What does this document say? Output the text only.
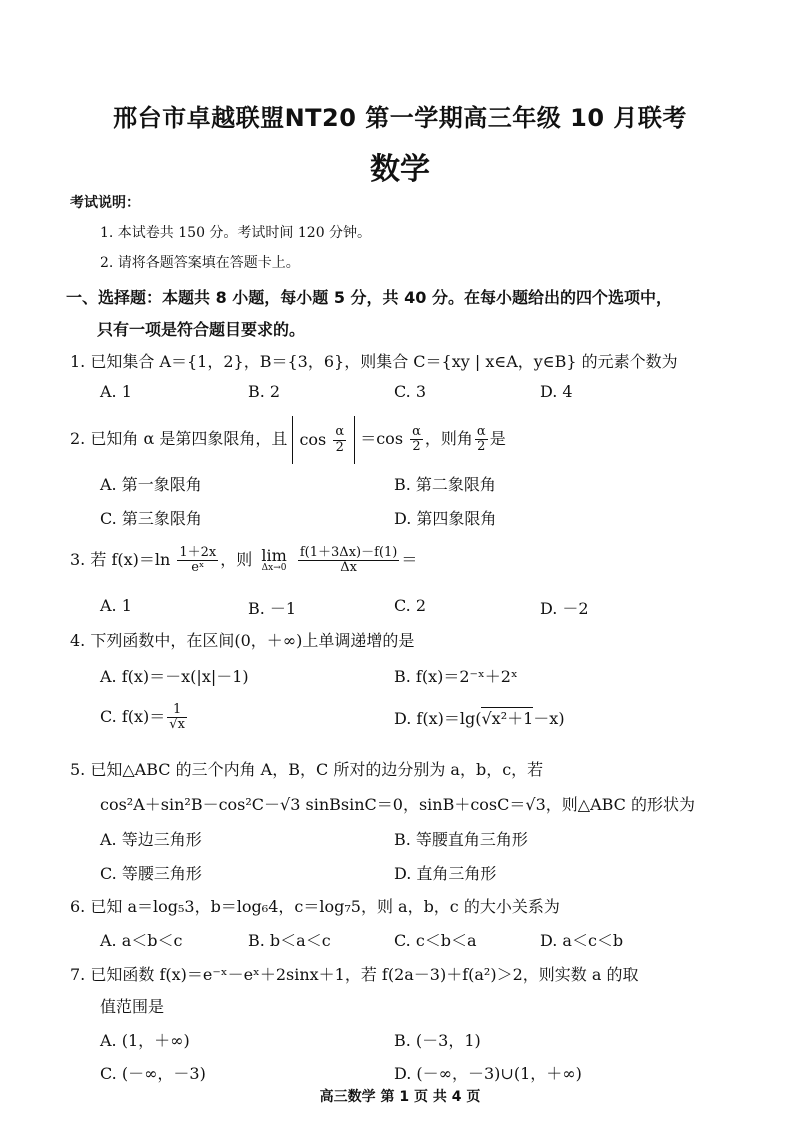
邢台市卓越联盟NT20 第一学期高三年级 10 月联考
数学
考试说明：
1. 本试卷共 150 分。考试时间 120 分钟。
2. 请将各题答案填在答题卡上。
一、选择题：本题共 8 小题，每小题 5 分，共 40 分。在每小题给出的四个选项中，
只有一项是符合题目要求的。
1. 已知集合 A＝{1，2}，B＝{3，6}，则集合 C＝{xy | x∈A，y∈B} 的元素个数为
A. 1	B. 2	C. 3	D. 4
2. 已知角 α 是第四象限角，且 $\cos \frac{\alpha}{2} =\cos \frac{\alpha}{2}$ ，则角 $\frac{\alpha}{2}$ 是
A. 第一象限角	B. 第二象限角
C. 第三象限角	D. 第四象限角
3. 若 $f(x)=\ln \frac{1+2x}{\text{eˣ}}$ ，则 lim
Δx→0
$\frac{f(1+3\Delta x)-f(1)}{\Delta x}$ ＝
A. 1	B. －1	C. 2	D. －2
4. 下列函数中，在区间(0，＋∞)上单调递增的是
A. f(x)＝－x(|x|－1)	B. f(x)＝2⁻ˣ＋2ˣ
C. $f(x)= \frac{1}{√x}$	D. f(x)＝lg(√x²＋1－x)
5. 已知△ABC 的三个内角 A，B，C 所对的边分别为 a，b，c，若
cos²A＋sin²B－cos²C－√3 sinBsinC＝0，sinB＋cosC＝√3，则△ABC 的形状为
A. 等边三角形	B. 等腰直角三角形
C. 等腰三角形	D. 直角三角形
6. 已知 a＝log₅3，b＝log₆4，c＝log₇5，则 a，b，c 的大小关系为
A. a＜b＜c	B. b＜a＜c	C. c＜b＜a	D. a＜c＜b
7. 已知函数 f(x)＝e⁻ˣ－eˣ＋2sinx＋1，若 f(2a－3)＋f(a²)＞2，则实数 a 的取
值范围是
A. (1，＋∞)	B. (－3，1)
C. (－∞，－3)	D. (－∞，－3)∪(1，＋∞)
高三数学 第 1 页 共 4 页
